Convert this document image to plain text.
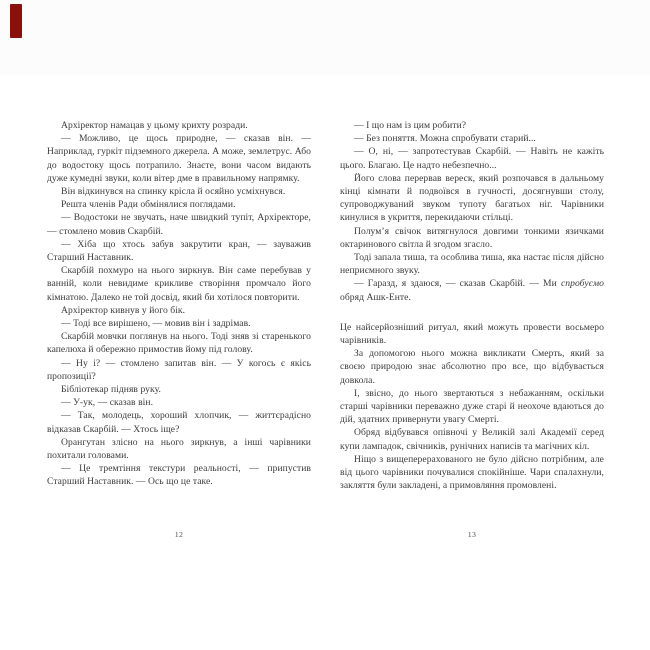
Архіректор намацав у цьому крихту розради.

— Можливо, це щось природне, — сказав він. — Наприклад, гуркіт підземного джерела. А може, землетрус. Або до водостоку щось потрапило. Знаєте, вони часом видають дуже кумедні звуки, коли вітер дме в правильному напрямку.

Він відкинувся на спинку крісла й осяйно усміхнувся.

Решта членів Ради обмінялися поглядами.

— Водостоки не звучать, наче швидкий тупіт, Архіректоре, — стомлено мовив Скарбій.

— Хіба що хтось забув закрутити кран, — зауважив Старший Наставник.

Скарбій похмуро на нього зиркнув. Він саме перебував у ванній, коли невидиме крикливе створіння промчало його кімнатою. Далеко не той досвід, який би хотілося повторити.

Архіректор кивнув у його бік.

— Тоді все вирішено, — мовив він і задрімав.

Скарбій мовчки поглянув на нього. Тоді зняв зі старенького капелюха й обережно примостив йому під голову.

— Ну і? — стомлено запитав він. — У когось є якісь пропозиції?

Бібліотекар підняв руку.

— У-ук, — сказав він.

— Так, молодець, хороший хлопчик, — життєрадісно відказав Скарбій. — Хтось іще?

Орангутан злісно на нього зиркнув, а інші чарівники похитали головами.

— Це тремтіння текстури реальності, — припустив Старший Наставник. — Ось що це таке.

— І що нам із цим робити?

— Без поняття. Можна спробувати старий...

— О, ні, — запротестував Скарбій. — Навіть не кажіть цього. Благаю. Це надто небезпечно...

Його слова перервав вереск, який розпочався в дальньому кінці кімнати й подвоївся в гучності, досягнувши столу, супроводжуваний звуком тупоту багатьох ніг. Чарівники кинулися в укриття, перекидаючи стільці.

Полум’я свічок витягнулося довгими тонкими язичками октаринового світла й згодом згасло.

Тоді запала тиша, та особлива тиша, яка настає після дійсно неприємного звуку.

— Гаразд, я здаюся, — сказав Скарбій. — Ми спробуємо обряд Ашк-Енте.

Це найсерйозніший ритуал, який можуть провести восьмеро чарівників.

За допомогою нього можна викликати Смерть, який за своєю природою знає абсолютно про все, що відбувається довкола.

І, звісно, до нього звертаються з небажанням, оскільки старші чарівники переважно дуже старі й неохоче вдаються до дій, здатних привернути увагу Смерті.

Обряд відбувався опівночі у Великій залі Академії серед купи лампадок, свічників, рунічних написів та магічних кіл.

Ніщо з вищеперерахованого не було дійсно потрібним, але від цього чарівники почувалися спокійніше. Чари спалахнули, закляття були закладені, а примовляння промовлені.

12	13
